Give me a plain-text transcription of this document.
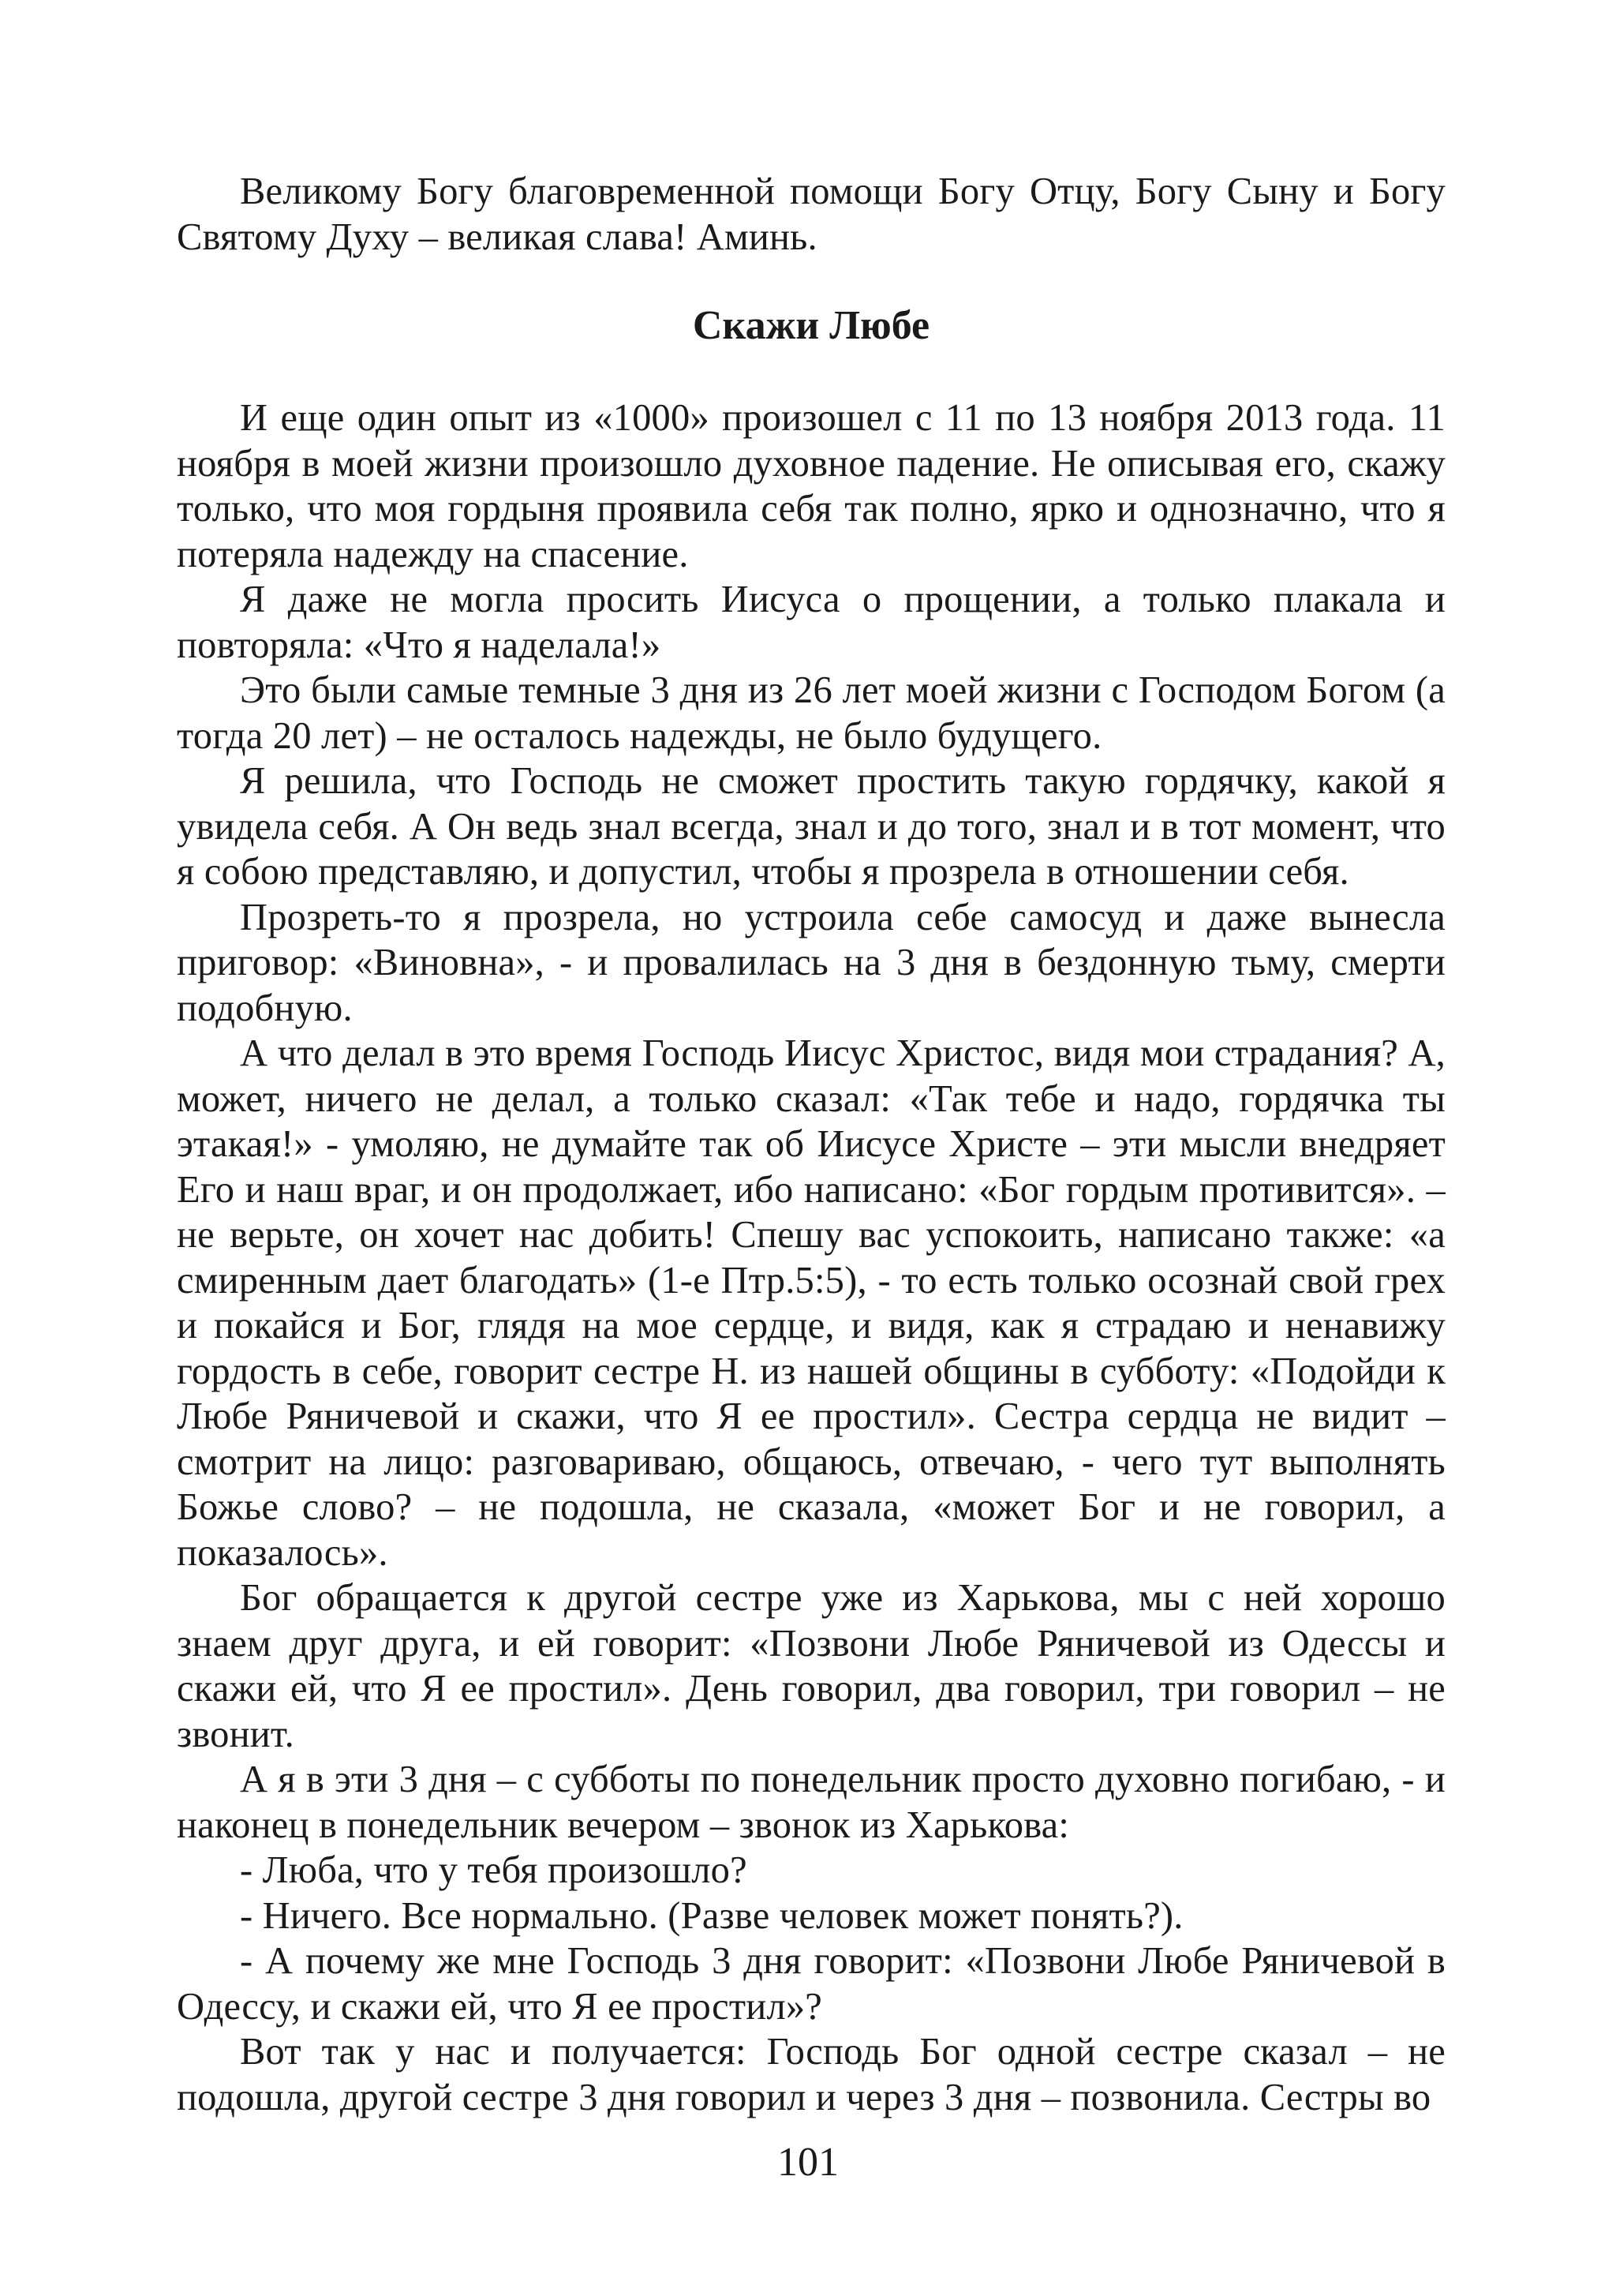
Великому Богу благовременной помощи Богу Отцу, Богу Сыну и Богу Святому Духу – великая слава! Аминь.

Скажи Любе

И еще один опыт из «1000» произошел с 11 по 13 ноября 2013 года. 11 ноября в моей жизни произошло духовное падение. Не описывая его, скажу только, что моя гордыня проявила себя так полно, ярко и однозначно, что я потеряла надежду на спасение.

Я даже не могла просить Иисуса о прощении, а только плакала и повторяла: «Что я наделала!»

Это были самые темные 3 дня из 26 лет моей жизни с Господом Богом (а тогда 20 лет) – не осталось надежды, не было будущего.

Я решила, что Господь не сможет простить такую гордячку, какой я увидела себя. А Он ведь знал всегда, знал и до того, знал и в тот момент, что я собою представляю, и допустил, чтобы я прозрела в отношении себя.

Прозреть-то я прозрела, но устроила себе самосуд и даже вынесла приговор: «Виновна», - и провалилась на 3 дня в бездонную тьму, смерти подобную.

А что делал в это время Господь Иисус Христос, видя мои страдания? А, может, ничего не делал, а только сказал: «Так тебе и надо, гордячка ты этакая!» - умоляю, не думайте так об Иисусе Христе – эти мысли внедряет Его и наш враг, и он продолжает, ибо написано: «Бог гордым противится». – не верьте, он хочет нас добить! Спешу вас успокоить, написано также: «а смиренным дает благодать» (1-е Птр.5:5), - то есть только осознай свой грех и покайся и Бог, глядя на мое сердце, и видя, как я страдаю и ненавижу гордость в себе, говорит сестре Н. из нашей общины в субботу: «Подойди к Любе Ряничевой и скажи, что Я ее простил». Сестра сердца не видит – смотрит на лицо: разговариваю, общаюсь, отвечаю, - чего тут выполнять Божье слово? – не подошла, не сказала, «может Бог и не говорил, а показалось».

Бог обращается к другой сестре уже из Харькова, мы с ней хорошо знаем друг друга, и ей говорит: «Позвони Любе Ряничевой из Одессы и скажи ей, что Я ее простил». День говорил, два говорил, три говорил – не звонит.

А я в эти 3 дня – с субботы по понедельник просто духовно погибаю, - и наконец в понедельник вечером – звонок из Харькова:

- Люба, что у тебя произошло?

- Ничего. Все нормально. (Разве человек может понять?).

- А почему же мне Господь 3 дня говорит: «Позвони Любе Ряничевой в Одессу, и скажи ей, что Я ее простил»?

Вот так у нас и получается: Господь Бог одной сестре сказал – не подошла, другой сестре 3 дня говорил и через 3 дня – позвонила. Сестры во

101
